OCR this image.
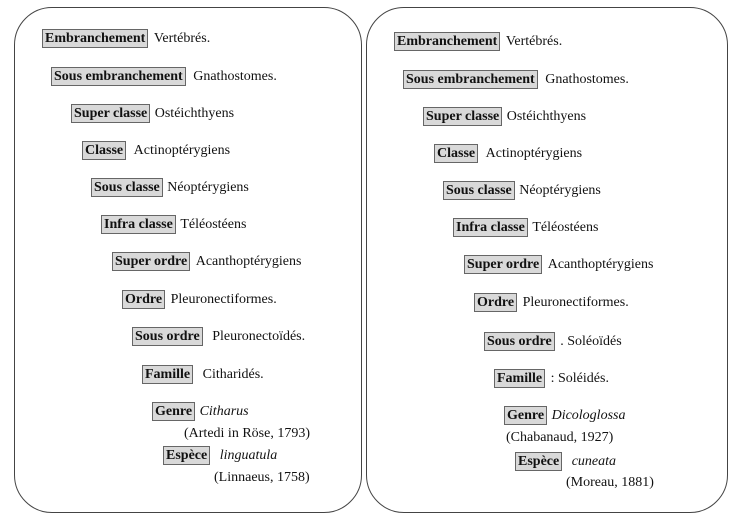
Embranchement Vertébrés.
Sous embranchement Gnathostomes.
Super classe Ostéichthyens
Classe Actinoptérygiens
Sous classe Néoptérygiens
Infra classe Téléostéens
Super ordre Acanthoptérygiens
Ordre Pleuronectiformes.
Sous ordre Pleuronectoïdés.
Famille Citharidés.
Genre Citharus
(Artedi in Röse, 1793)
Espèce linguatula
(Linnaeus, 1758)
Embranchement Vertébrés.
Sous embranchement Gnathostomes.
Super classe Ostéichthyens
Classe Actinoptérygiens
Sous classe Néoptérygiens
Infra classe Téléostéens
Super ordre Acanthoptérygiens
Ordre Pleuronectiformes.
Sous ordre . Soléoïdés
Famille : Soléidés.
Genre Dicologlossa
(Chabanaud, 1927)
Espèce cuneata
(Moreau, 1881)
